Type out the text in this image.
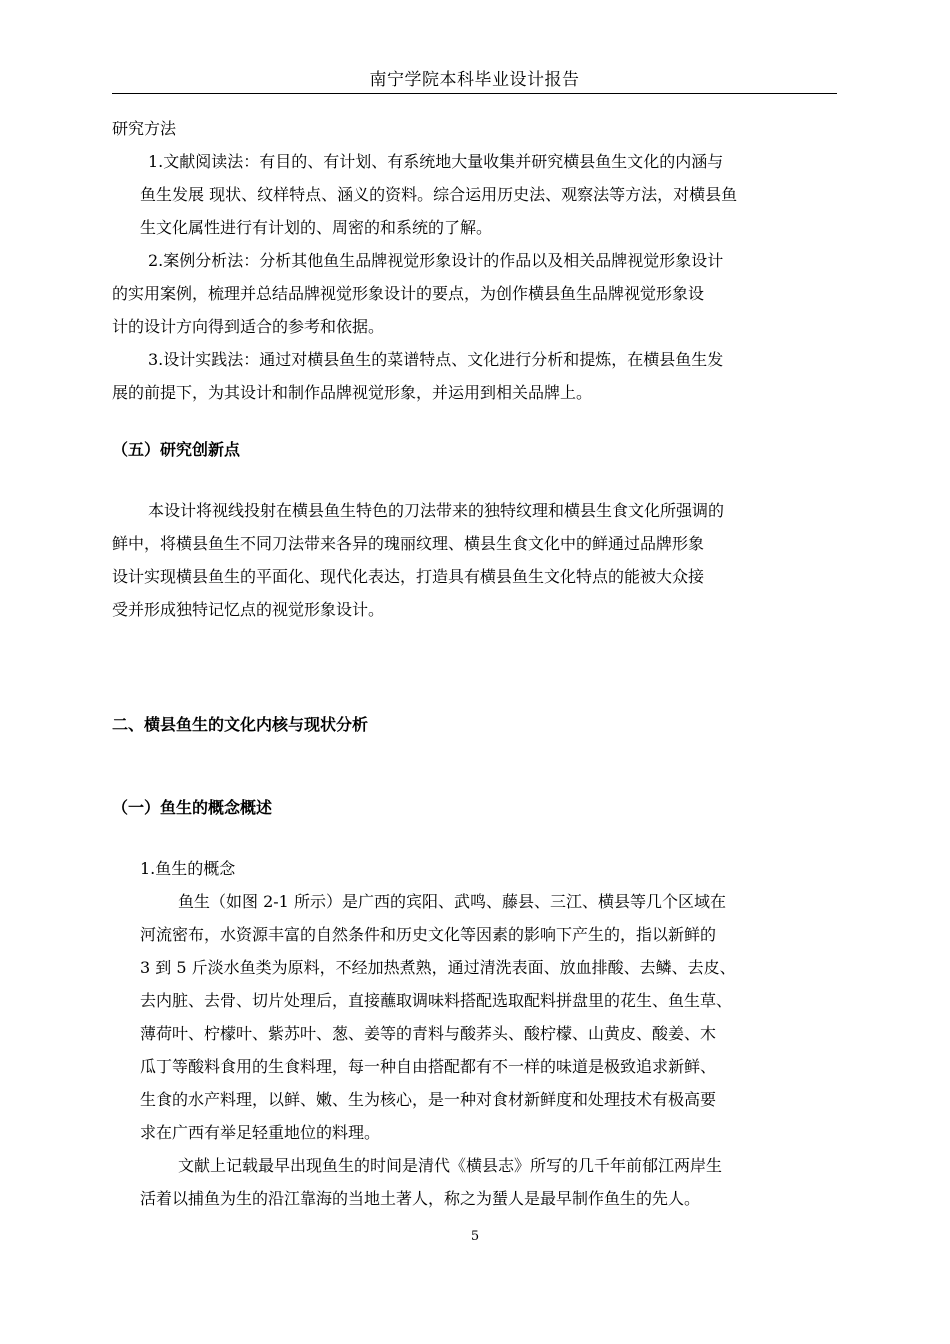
南宁学院本科毕业设计报告

研究方法

1.文献阅读法：有目的、有计划、有系统地大量收集并研究横县鱼生文化的内涵与

鱼生发展 现状、纹样特点、涵义的资料。综合运用历史法、观察法等方法，对横县鱼

生文化属性进行有计划的、周密的和系统的了解。

2.案例分析法：分析其他鱼生品牌视觉形象设计的作品以及相关品牌视觉形象设计

的实用案例，梳理并总结品牌视觉形象设计的要点，为创作横县鱼生品牌视觉形象设

计的设计方向得到适合的参考和依据。

3.设计实践法：通过对横县鱼生的菜谱特点、文化进行分析和提炼，在横县鱼生发

展的前提下，为其设计和制作品牌视觉形象，并运用到相关品牌上。

（五）研究创新点

本设计将视线投射在横县鱼生特色的刀法带来的独特纹理和横县生食文化所强调的

鲜中，将横县鱼生不同刀法带来各异的瑰丽纹理、横县生食文化中的鲜通过品牌形象

设计实现横县鱼生的平面化、现代化表达，打造具有横县鱼生文化特点的能被大众接

受并形成独特记忆点的视觉形象设计。

二、横县鱼生的文化内核与现状分析

（一）鱼生的概念概述

1.鱼生的概念

鱼生（如图 2-1 所示）是广西的宾阳、武鸣、藤县、三江、横县等几个区域在

河流密布，水资源丰富的自然条件和历史文化等因素的影响下产生的，指以新鲜的

3 到 5 斤淡水鱼类为原料，不经加热煮熟，通过清洗表面、放血排酸、去鳞、去皮、

去内脏、去骨、切片处理后，直接蘸取调味料搭配选取配料拼盘里的花生、鱼生草、

薄荷叶、柠檬叶、紫苏叶、葱、姜等的青料与酸荞头、酸柠檬、山黄皮、酸姜、木

瓜丁等酸料食用的生食料理，每一种自由搭配都有不一样的味道是极致追求新鲜、

生食的水产料理，以鲜、嫩、生为核心，是一种对食材新鲜度和处理技术有极高要

求在广西有举足轻重地位的料理。

文献上记载最早出现鱼生的时间是清代《横县志》所写的几千年前郁江两岸生

活着以捕鱼为生的沿江靠海的当地土著人，称之为蜑人是最早制作鱼生的先人。

5
